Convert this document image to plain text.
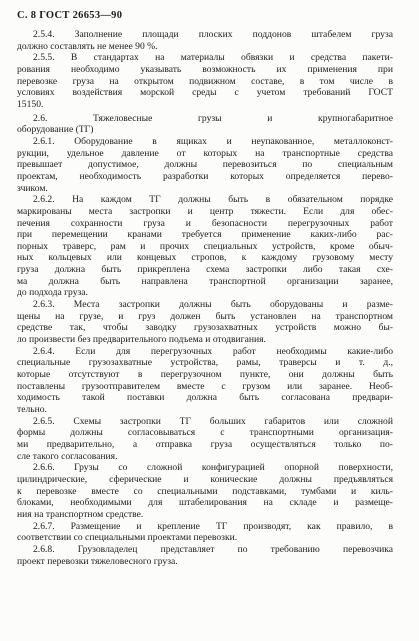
С. 8 ГОСТ 26653—90
2.5.4. Заполнение площади плоских поддонов штабелем груза
должно составлять не менее 90 %.
2.5.5. В стандартах на материалы обвязки и средства пакети-
рования необходимо указывать возможность их применения при
перевозке груза на открытом подвижном составе, в том числе в
условиях воздействия морской среды с учетом требований ГОСТ
15150.
2.6. Тяжеловесные грузы и крупногабаритное
оборудование (ТГ)
2.6.1. Оборудование в ящиках и неупакованное, металлоконст-
рукции, удельное давление от которых на транспортные средства
превышает допустимое, должны перевозиться по специальным
проектам, необходимость разработки которых определяется перево-
зчиком.
2.6.2. На каждом ТГ должны быть в обязательном порядке
маркированы места застропки и центр тяжести. Если для обес-
печения сохранности груза и безопасности перегрузочных работ
при перемещении кранами требуется применение каких-либо рас-
порных траверс, рам и прочих специальных устройств, кроме обыч-
ных кольцевых или концевых стропов, к каждому грузовому месту
груза должна быть прикреплена схема застропки либо такая схе-
ма должна быть направлена транспортной организации заранее,
до подхода груза.
2.6.3. Места застропки должны быть оборудованы и разме-
щены на грузе, и груз должен быть установлен на транспортном
средстве так, чтобы заводку грузозахватных устройств можно бы-
ло произвести без предварительного подъема и отодвигания.
2.6.4. Если для перегрузочных работ необходимы какие-либо
специальные грузозахватные устройства, рамы, траверсы и т. д.,
которые отсутствуют в перегрузочном пункте, они должны быть
поставлены грузоотправителем вместе с грузом или заранее. Необ-
ходимость такой поставки должна быть согласована предвари-
тельно.
2.6.5. Схемы застропки ТГ больших габаритов или сложной
формы должны согласовываться с транспортными организация-
ми предварительно, а отправка груза осуществляться только по-
сле такого согласования.
2.6.6. Грузы со сложной конфигурацией опорной поверхности,
цилиндрические, сферические и конические должны предъявляться
к перевозке вместе со специальными подставками, тумбами и киль-
блоками, необходимыми для штабелирования на складе и размеще-
ния на транспортном средстве.
2.6.7. Размещение и крепление ТГ производят, как правило, в
соответствии со специальными проектами перевозки.
2.6.8. Грузовладелец представляет по требованию перевозчика
проект перевозки тяжеловесного груза.
